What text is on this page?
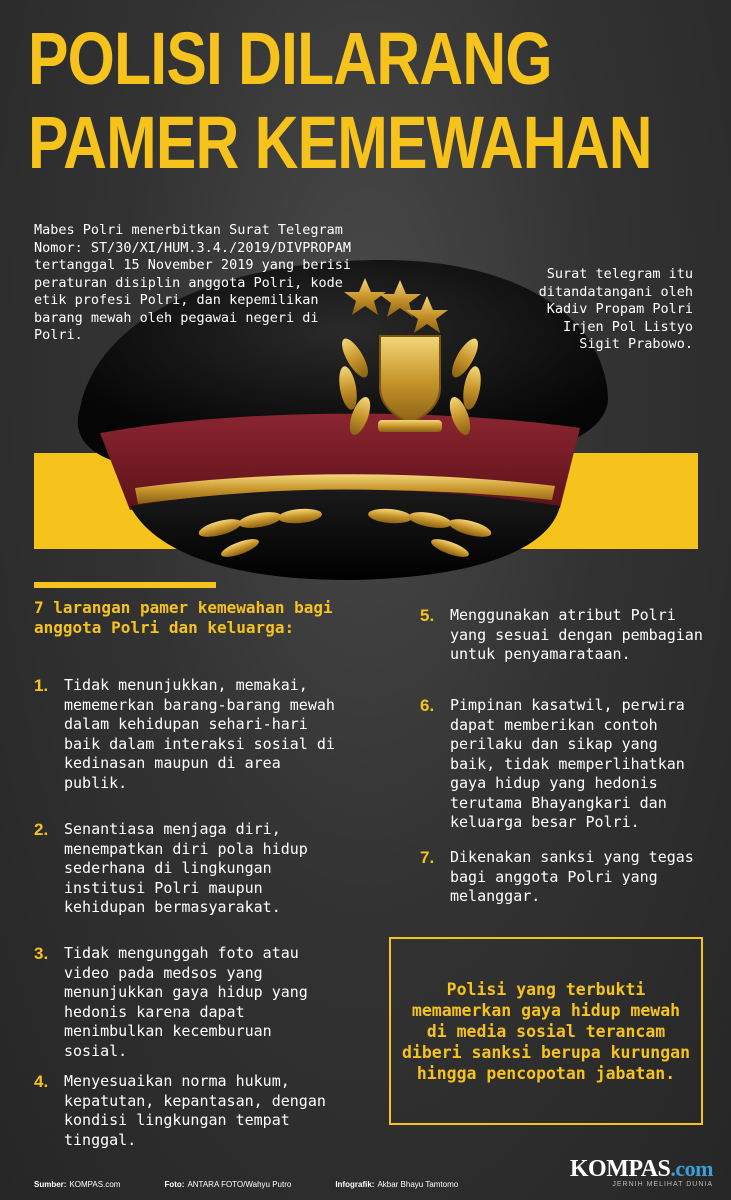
POLISI DILARANG
PAMER KEMEWAHAN
Mabes Polri menerbitkan Surat Telegram Nomor: ST/30/XI/HUM.3.4./2019/DIVPROPAM tertanggal 15 November 2019 yang berisi peraturan disiplin anggota Polri, kode etik profesi Polri, dan kepemilikan barang mewah oleh pegawai negeri di Polri.
Surat telegram itu ditandatangani oleh Kadiv Propam Polri Irjen Pol Listyo Sigit Prabowo.
7 larangan pamer kemewahan bagi anggota Polri dan keluarga:
1.	Tidak menunjukkan, memakai, mememerkan barang-barang mewah dalam kehidupan sehari-hari baik dalam interaksi sosial di kedinasan maupun di area publik.
2.	Senantiasa menjaga diri, menempatkan diri pola hidup sederhana di lingkungan institusi Polri maupun kehidupan bermasyarakat.
3.	Tidak mengunggah foto atau video pada medsos yang menunjukkan gaya hidup yang hedonis karena dapat menimbulkan kecemburuan sosial.
4.	Menyesuaikan norma hukum, kepatutan, kepantasan, dengan kondisi lingkungan tempat tinggal.
5.	Menggunakan atribut Polri yang sesuai dengan pembagian untuk penyamarataan.
6.	Pimpinan kasatwil, perwira dapat memberikan contoh perilaku dan sikap yang baik, tidak memperlihatkan gaya hidup yang hedonis terutama Bhayangkari dan keluarga besar Polri.
7.	Dikenakan sanksi yang tegas bagi anggota Polri yang melanggar.
Polisi yang terbukti memamerkan gaya hidup mewah di media sosial terancam diberi sanksi berupa kurungan hingga pencopotan jabatan.
Sumber: KOMPAS.com	Foto: ANTARA FOTO/Wahyu Putro	Infografik: Akbar Bhayu Tamtomo
KOMPAS.com
JERNIH MELIHAT DUNIA
